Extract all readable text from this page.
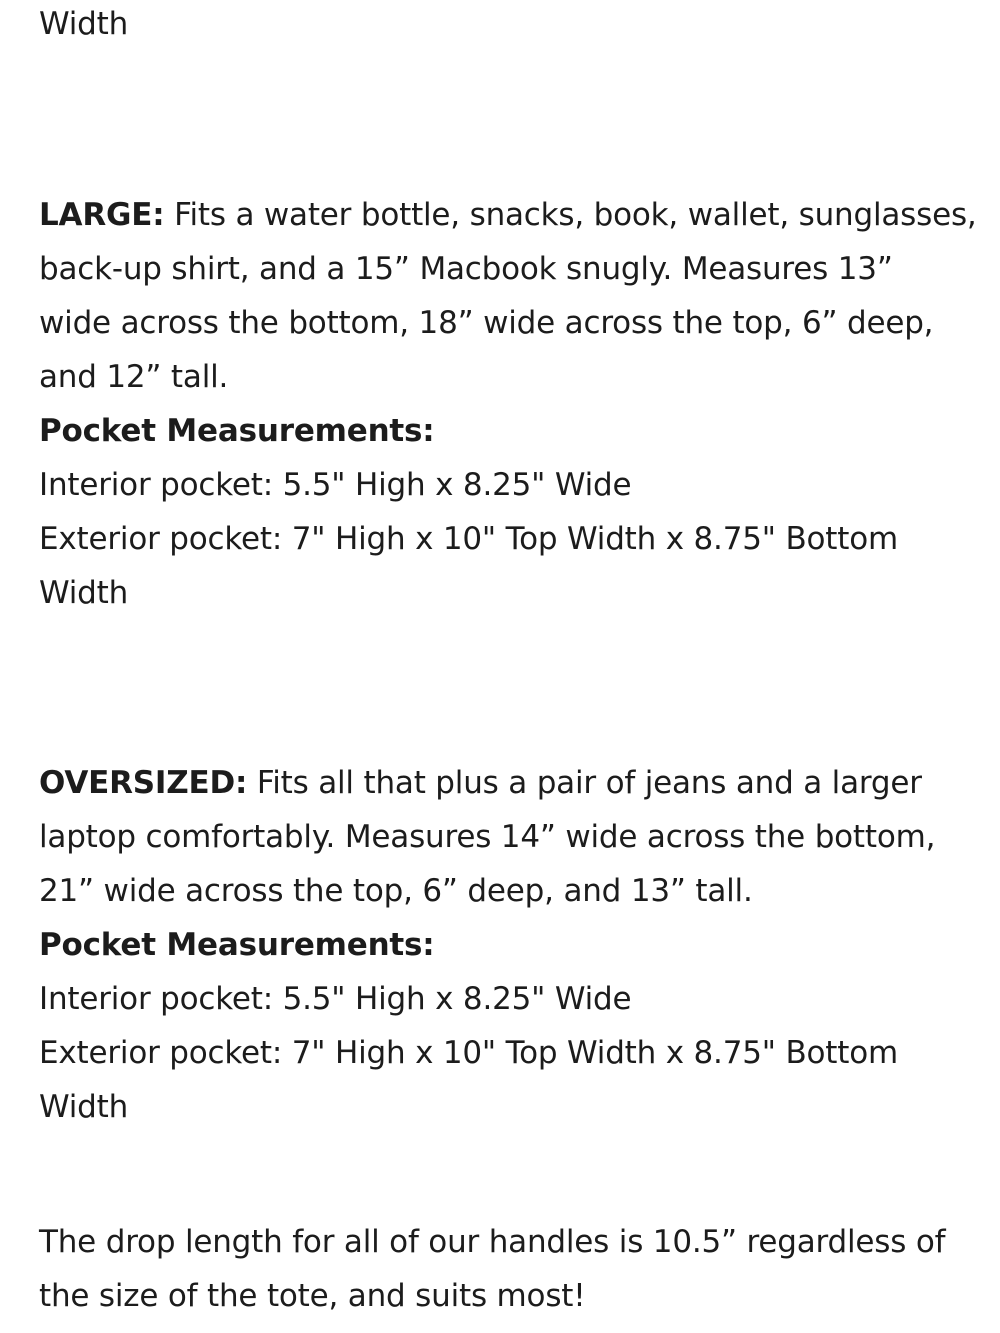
Width
LARGE: Fits a water bottle, snacks, book, wallet, sunglasses,
back-up shirt, and a 15” Macbook snugly. Measures 13”
wide across the bottom, 18” wide across the top, 6” deep,
and 12” tall.
Pocket Measurements:
Interior pocket: 5.5" High x 8.25" Wide
Exterior pocket: 7" High x 10" Top Width x 8.75" Bottom
Width
OVERSIZED: Fits all that plus a pair of jeans and a larger
laptop comfortably. Measures 14” wide across the bottom,
21” wide across the top, 6” deep, and 13” tall.
Pocket Measurements:
Interior pocket: 5.5" High x 8.25" Wide
Exterior pocket: 7" High x 10" Top Width x 8.75" Bottom
Width
The drop length for all of our handles is 10.5” regardless of
the size of the tote, and suits most!
